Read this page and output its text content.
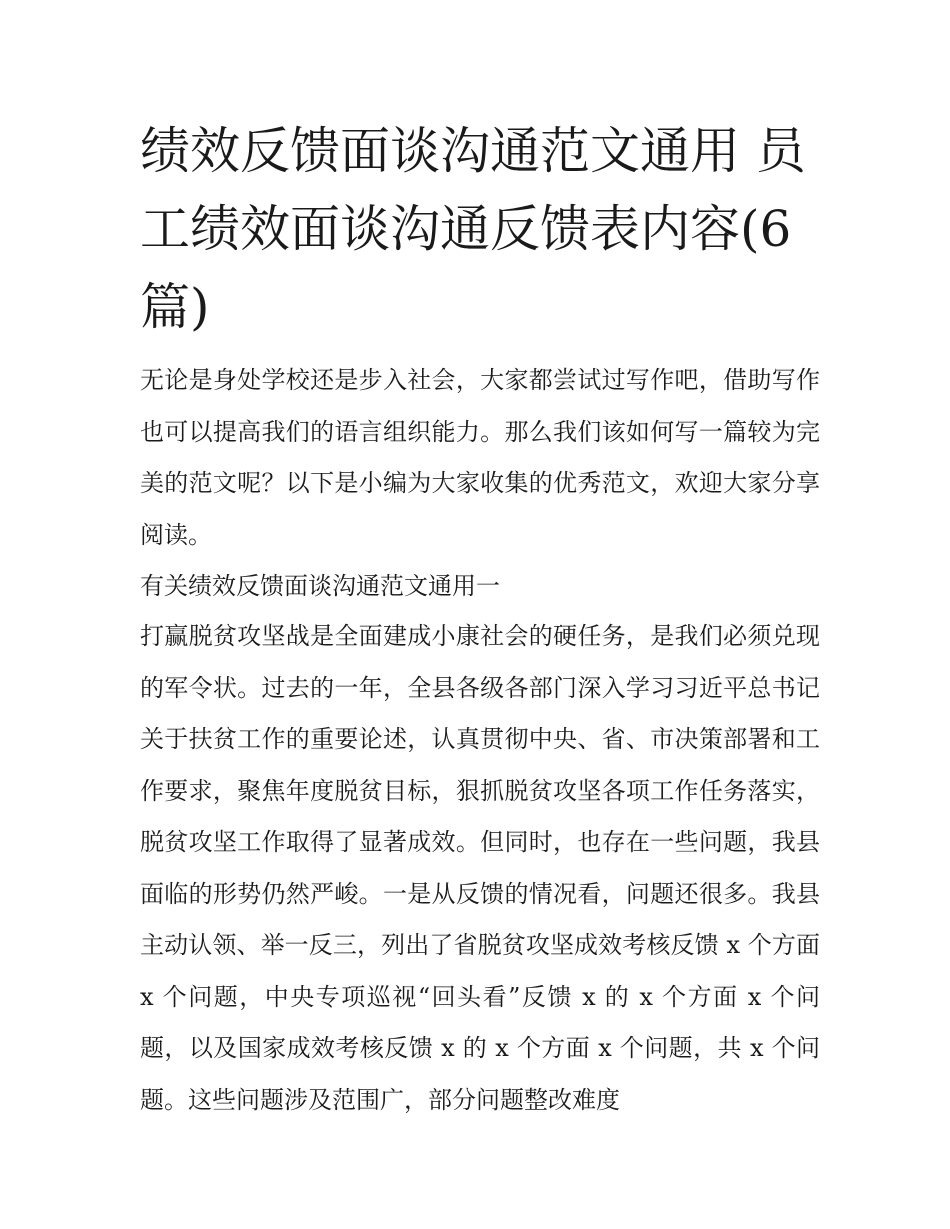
绩效反馈面谈沟通范文通用 员工绩效面谈沟通反馈表内容(6篇)

无论是身处学校还是步入社会，大家都尝试过写作吧，借助写作也可以提高我们的语言组织能力。那么我们该如何写一篇较为完美的范文呢？以下是小编为大家收集的优秀范文，欢迎大家分享阅读。

有关绩效反馈面谈沟通范文通用一

打赢脱贫攻坚战是全面建成小康社会的硬任务，是我们必须兑现的军令状。过去的一年，全县各级各部门深入学习习近平总书记关于扶贫工作的重要论述，认真贯彻中央、省、市决策部署和工作要求，聚焦年度脱贫目标，狠抓脱贫攻坚各项工作任务落实，脱贫攻坚工作取得了显著成效。但同时，也存在一些问题，我县面临的形势仍然严峻。一是从反馈的情况看，问题还很多。我县主动认领、举一反三，列出了省脱贫攻坚成效考核反馈 x 个方面 x 个问题，中央专项巡视“回头看”反馈 x 的 x 个方面 x 个问题，以及国家成效考核反馈 x 的 x 个方面 x 个问题，共 x 个问题。这些问题涉及范围广，部分问题整改难度
